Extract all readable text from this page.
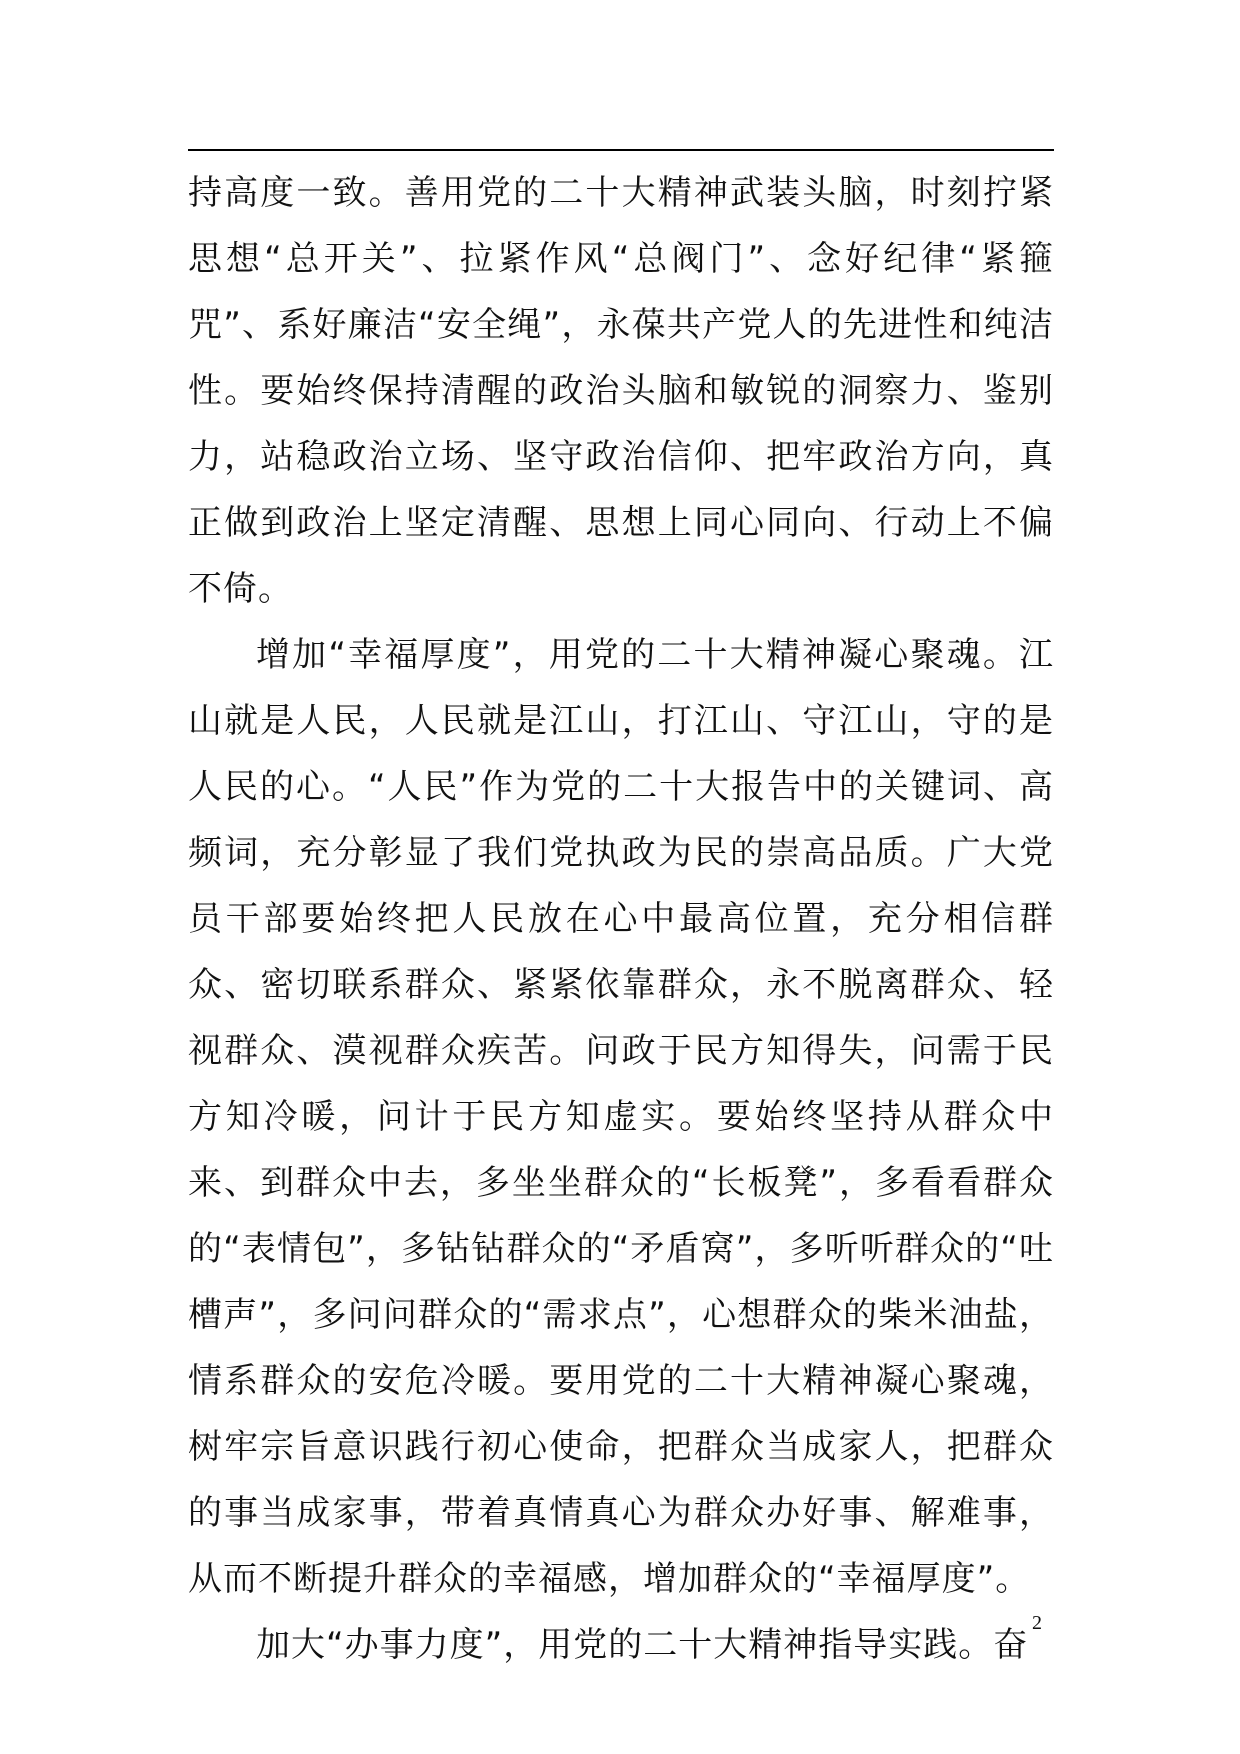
持高度一致。善用党的二十大精神武装头脑，时刻拧紧思想“总开关”、拉紧作风“总阀门”、念好纪律“紧箍咒”、系好廉洁“安全绳”，永葆共产党人的先进性和纯洁性。要始终保持清醒的政治头脑和敏锐的洞察力、鉴别力，站稳政治立场、坚守政治信仰、把牢政治方向，真正做到政治上坚定清醒、思想上同心同向、行动上不偏不倚。

增加“幸福厚度”，用党的二十大精神凝心聚魂。江山就是人民，人民就是江山，打江山、守江山，守的是人民的心。“人民”作为党的二十大报告中的关键词、高频词，充分彰显了我们党执政为民的崇高品质。广大党员干部要始终把人民放在心中最高位置，充分相信群众、密切联系群众、紧紧依靠群众，永不脱离群众、轻视群众、漠视群众疾苦。问政于民方知得失，问需于民方知冷暖，问计于民方知虚实。要始终坚持从群众中来、到群众中去，多坐坐群众的“长板凳”，多看看群众的“表情包”，多钻钻群众的“矛盾窝”，多听听群众的“吐槽声”，多问问群众的“需求点”，心想群众的柴米油盐，情系群众的安危冷暖。要用党的二十大精神凝心聚魂，树牢宗旨意识践行初心使命，把群众当成家人，把群众的事当成家事，带着真情真心为群众办好事、解难事，从而不断提升群众的幸福感，增加群众的“幸福厚度”。

加大“办事力度”，用党的二十大精神指导实践。奋

2
